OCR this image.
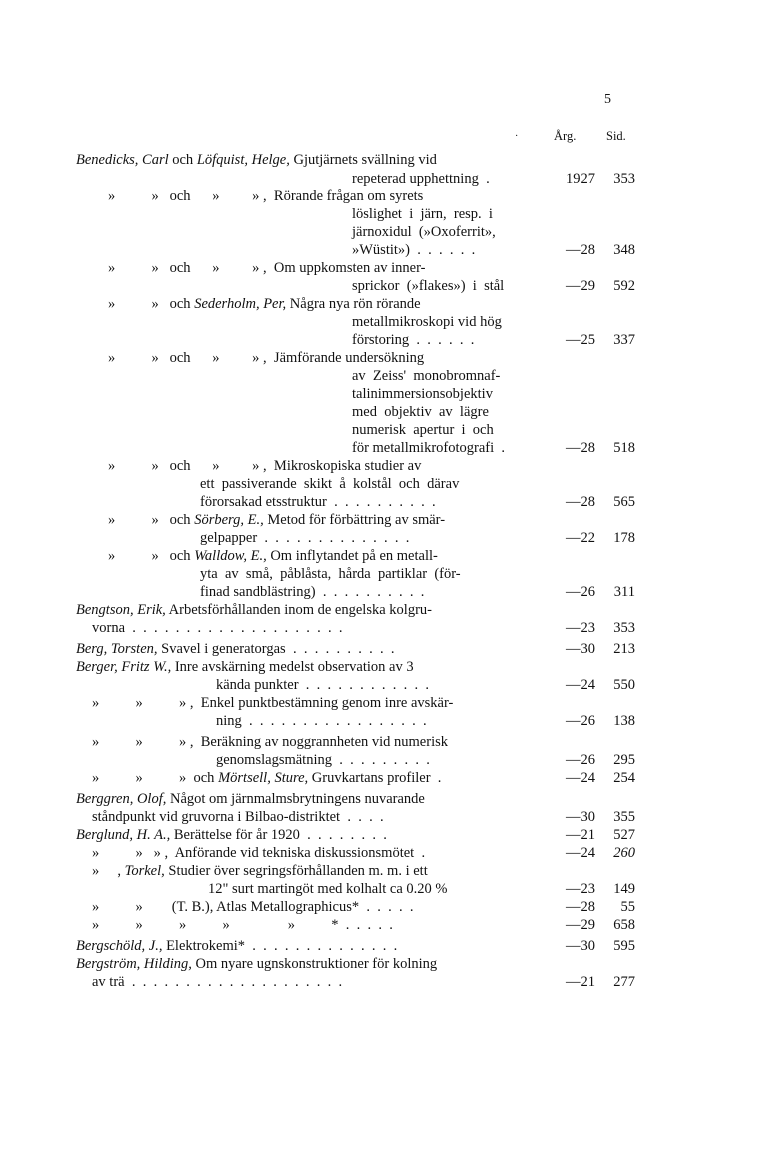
5
Årg. Sid.
·
Benedicks, Carl och Löfquist, Helge, Gjutjärnets svällning vid
repeterad upphettning  .	1927	353
»          »   och      »         » ,  Rörande frågan om syrets
löslighet  i  järn,  resp.  i
järnoxidul  (»Oxoferrit»,
»Wüstit»)  .  .  .  .  .  .	—28	348
»          »   och      »         » ,  Om uppkomsten av inner-
sprickor  (»flakes»)  i  stål	—29	592
»          »   och Sederholm, Per, Några nya rön rörande
metallmikroskopi vid hög
förstoring  .  .  .  .  .  .	—25	337
»          »   och      »         » ,  Jämförande undersökning
av  Zeiss'  monobromnaf-
talinimmersionsobjektiv
med  objektiv  av  lägre
numerisk  apertur  i  och
för metallmikrofotografi  .	—28	518
»          »   och      »         » ,  Mikroskopiska studier av
ett  passiverande  skikt  å  kolstål  och  därav
förorsakad etsstruktur  .  .  .  .  .  .  .  .  .  .	—28	565
»          »   och Sörberg, E., Metod för förbättring av smär-
gelpapper  .  .  .  .  .  .  .  .  .  .  .  .  .  .	—22	178
»          »   och Walldow, E., Om inflytandet på en metall-
yta  av  små,  påblåsta,  hårda  partiklar  (för-
finad sandblästring)  .  .  .  .  .  .  .  .  .  .	—26	311
Bengtson, Erik, Arbetsförhållanden inom de engelska kolgru-
vorna  .  .  .  .  .  .  .  .  .  .  .  .  .  .  .  .  .  .  .  .	—23	353
Berg, Torsten, Svavel i generatorgas  .  .  .  .  .  .  .  .  .  .	—30	213
Berger, Fritz W., Inre avskärning medelst observation av 3
kända punkter  .  .  .  .  .  .  .  .  .  .  .  .	—24	550
»          »          » ,  Enkel punktbestämning genom inre avskär-
ning  .  .  .  .  .  .  .  .  .  .  .  .  .  .  .  .  .	—26	138
»          »          » ,  Beräkning av noggrannheten vid numerisk
genomslagsmätning  .  .  .  .  .  .  .  .  .	—26	295
»          »          »  och Mörtsell, Sture, Gruvkartans profiler  .	—24	254
Berggren, Olof, Något om järnmalmsbrytningens nuvarande
ståndpunkt vid gruvorna i Bilbao-distriktet  .  .  .  .	—30	355
Berglund, H. A., Berättelse för år 1920  .  .  .  .  .  .  .  .	—21	527
»          »   » ,  Anförande vid tekniska diskussionsmötet  .	—24	260
»     , Torkel, Studier över segringsförhållanden m. m. i ett
12" surt martingöt med kolhalt ca 0.20 %	—23	149
»          »        (T. B.), Atlas Metallographicus*  .  .  .  .  .	—28	55
»          »          »          »                »          *  .  .  .  .  .	—29	658
Bergschöld, J., Elektrokemi*  .  .  .  .  .  .  .  .  .  .  .  .  .  .	—30	595
Bergström, Hilding, Om nyare ugnskonstruktioner för kolning
av trä  .  .  .  .  .  .  .  .  .  .  .  .  .  .  .  .  .  .  .  .	—21	277
